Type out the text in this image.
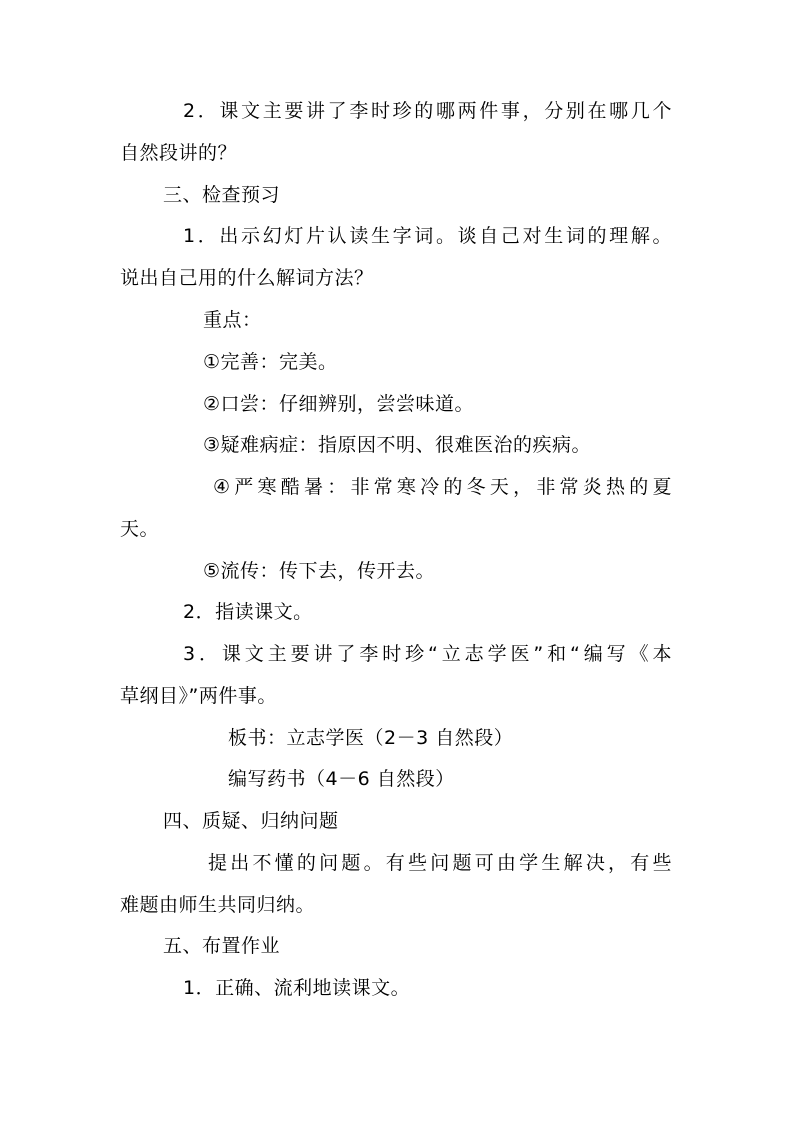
2．课文主要讲了李时珍的哪两件事，分别在哪几个
自然段讲的？
三、检查预习
1．出示幻灯片认读生字词。谈自己对生词的理解。
说出自己用的什么解词方法？
重点：
①完善：完美。
②口尝：仔细辨别，尝尝味道。
③疑难病症：指原因不明、很难医治的疾病。
④严寒酷暑：非常寒冷的冬天，非常炎热的夏
天。
⑤流传：传下去，传开去。
2．指读课文。
3．课文主要讲了李时珍“立志学医”和“编写《本
草纲目》”两件事。
板书：立志学医（2－3 自然段）
编写药书（4－6 自然段）
四、质疑、归纳问题
提出不懂的问题。有些问题可由学生解决，有些
难题由师生共同归纳。
五、布置作业
1．正确、流利地读课文。
